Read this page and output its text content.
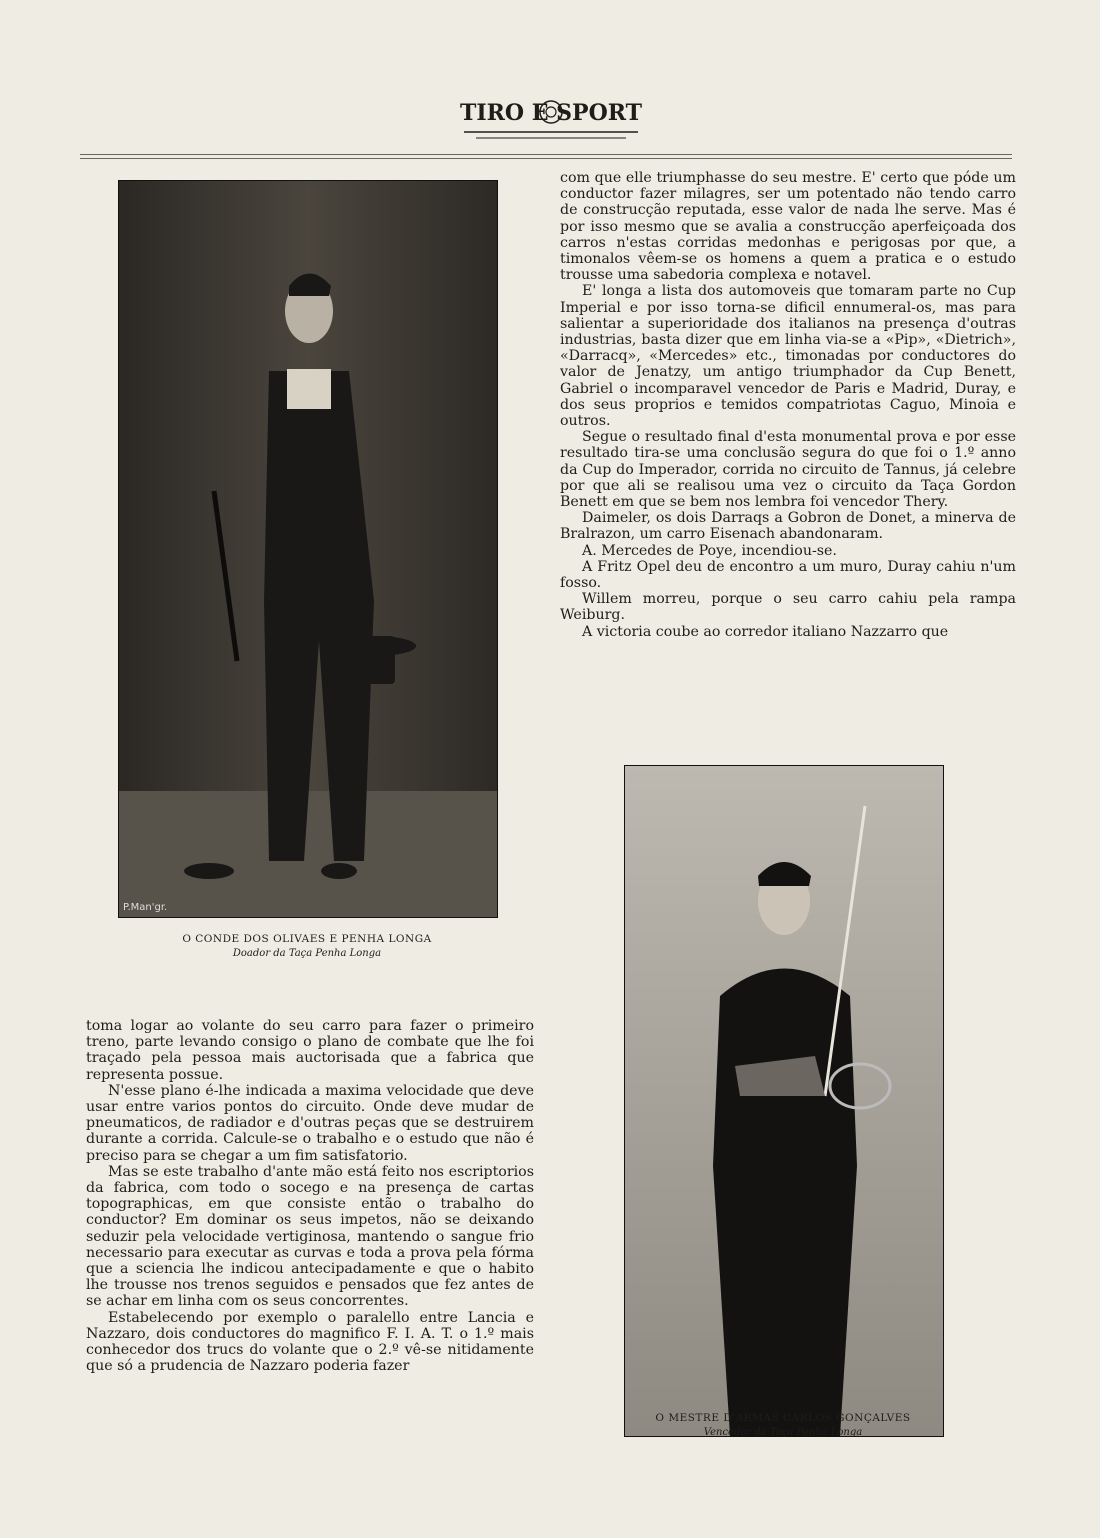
TIRO E SPORT
P.Man'gr.
O CONDE DOS OLIVAES E PENHA LONGA
Doador da Taça Penha Longa

com que elle triumphasse do seu mestre. E' certo que póde um conductor fazer milagres, ser um potentado não tendo carro de construcção reputada, esse valor de nada lhe serve. Mas é por isso mesmo que se avalia a construcção aperfeiçoada dos carros n'estas corridas medonhas e perigosas por que, a timonalos vêem-se os homens a quem a pratica e o estudo trousse uma sabedoria complexa e notavel.

E' longa a lista dos automoveis que tomaram parte no Cup Imperial e por isso torna-se dificil ennumeral-os, mas para salientar a superioridade dos italianos na presença d'outras industrias, basta dizer que em linha via-se a «Pip», «Dietrich», «Darracq», «Mercedes» etc., timonadas por conductores do valor de Jenatzy, um antigo triumphador da Cup Benett, Gabriel o incomparavel vencedor de Paris e Madrid, Duray, e dos seus proprios e temidos compatriotas Caguo, Minoia e outros.

Segue o resultado final d'esta monumental prova e por esse resultado tira-se uma conclusão segura do que foi o 1.º anno da Cup do Imperador, corrida no circuito de Tannus, já celebre por que ali se realisou uma vez o circuito da Taça Gordon Benett em que se bem nos lembra foi vencedor Thery.

Daimeler, os dois Darraqs a Gobron de Donet, a minerva de Bralrazon, um carro Eisenach abandonaram.

A. Mercedes de Poye, incendiou-se.

A Fritz Opel deu de encontro a um muro, Duray cahiu n'um fosso.

Willem morreu, porque o seu carro cahiu pela rampa Weiburg.

A victoria coube ao corredor italiano Nazzarro que

O MESTRE D'ARMAS CARLOS GONÇALVES
Vencedor da Taça Penha Longa

toma logar ao volante do seu carro para fazer o primeiro treno, parte levando consigo o plano de combate que lhe foi traçado pela pessoa mais auctorisada que a fabrica que representa possue.

N'esse plano é-lhe indicada a maxima velocidade que deve usar entre varios pontos do circuito. Onde deve mudar de pneumaticos, de radiador e d'outras peças que se destruirem durante a corrida. Calcule-se o trabalho e o estudo que não é preciso para se chegar a um fim satisfatorio.

Mas se este trabalho d'ante mão está feito nos escriptorios da fabrica, com todo o socego e na presença de cartas topographicas, em que consiste então o trabalho do conductor? Em dominar os seus impetos, não se deixando seduzir pela velocidade vertiginosa, mantendo o sangue frio necessario para executar as curvas e toda a prova pela fórma que a sciencia lhe indicou antecipadamente e que o habito lhe trousse nos trenos seguidos e pensados que fez antes de se achar em linha com os seus concorrentes.

Estabelecendo por exemplo o paralello entre Lancia e Nazzaro, dois conductores do magnifico F. I. A. T. o 1.º mais conhecedor dos trucs do volante que o 2.º vê-se nitidamente que só a prudencia de Nazzaro poderia fazer
